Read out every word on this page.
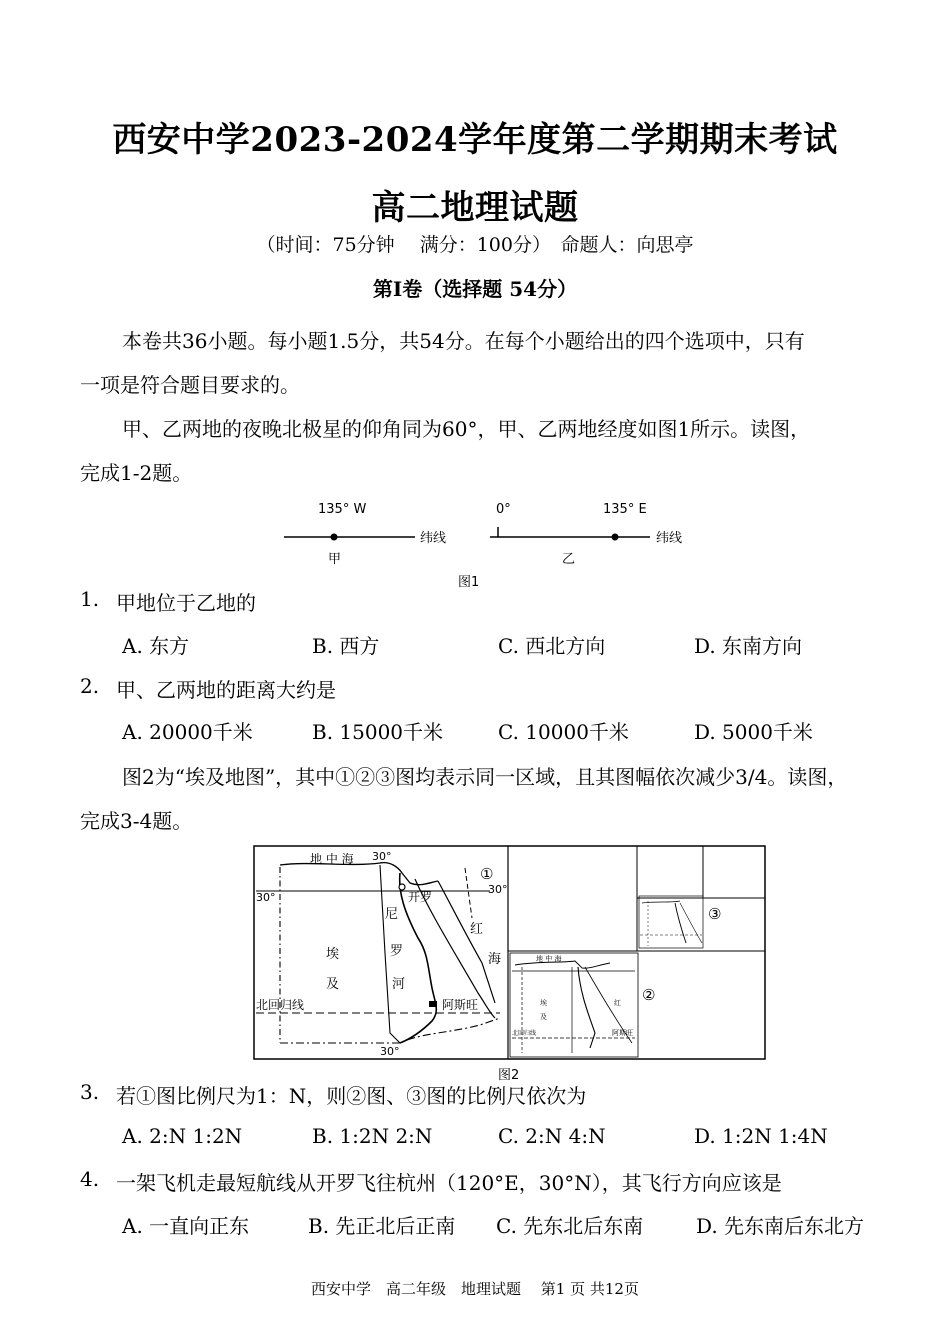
西安中学2023-2024学年度第二学期期末考试
高二地理试题
（时间：75分钟　 满分：100分）　命题人：向思亭
第Ⅰ卷（选择题 54分）
本卷共36小题。每小题1.5分，共54分。在每个小题给出的四个选项中，只有
一项是符合题目要求的。
甲、乙两地的夜晚北极星的仰角同为60°，甲、乙两地经度如图1所示。读图，
完成1-2题。
135° W
纬线
甲
0°	135° E
纬线
乙
图1
1. 甲地位于乙地的
A. 东方	B. 西方	C. 西北方向	D. 东南方向
2. 甲、乙两地的距离大约是
A. 20000千米	B. 15000千米	C. 10000千米	D. 5000千米
图2为“埃及地图”，其中①②③图均表示同一区域，且其图幅依次减少3/4。读图，
完成3-4题。
地 中 海 30°
30°
30°
开罗
埃
及
尼
罗
河
红
海
阿斯旺
北回归线
30°
①
地 中 海
埃
及
红
阿斯旺
北回归线
②
③
图2
3. 若①图比例尺为1：N，则②图、③图的比例尺依次为
A. 2:N 1:2N	B. 1:2N 2:N	C. 2:N 4:N	D. 1:2N 1:4N
4. 一架飞机走最短航线从开罗飞往杭州（120°E，30°N），其飞行方向应该是
A. 一直向正东	B. 先正北后正南 C. 先东北后东南	D. 先东南后东北方
西安中学　高二年级　地理试题　 第1 页 共12页
